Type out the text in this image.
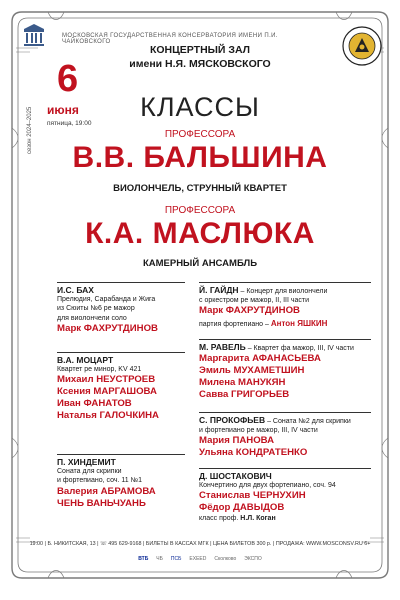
МОСКОВСКАЯ ГОСУДАРСТВЕННАЯ КОНСЕРВАТОРИЯ ИМЕНИ П.И. ЧАЙКОВСКОГО
КОНЦЕРТНЫЙ ЗАЛ
имени Н.Я. МЯСКОВСКОГО
сезон 2024–2025
6
июня
пятница, 19:00
КЛАССЫ
ПРОФЕССОРА
В.В. БАЛЬШИНА
ВИОЛОНЧЕЛЬ, СТРУННЫЙ КВАРТЕТ
ПРОФЕССОРА
К.А. МАСЛЮКА
КАМЕРНЫЙ АНСАМБЛЬ
И.С. БАХ
Прелюдия, Сарабанда и Жига
из Сюиты №6 ре мажор
для виолончели соло
Марк ФАХРУТДИНОВ
В.А. МОЦАРТ
Квартет ре минор, KV 421
Михаил НЕУСТРОЕВ
Ксения МАРГАШОВА
Иван ФАНАТОВ
Наталья ГАЛОЧКИНА
П. ХИНДЕМИТ
Соната для скрипки
и фортепиано, соч. 11 №1
Валерия АБРАМОВА
ЧЕНЬ ВАНЬЧУАНЬ
Й. ГАЙДН – Концерт для виолончели
с оркестром ре мажор, II, III части
Марк ФАХРУТДИНОВ
партия фортепиано – Антон ЯШКИН
М. РАВЕЛЬ – Квартет фа мажор, III, IV части
Маргарита АФАНАСЬЕВА
Эмиль МУХАМЕТШИН
Милена МАНУКЯН
Савва ГРИГОРЬЕВ
С. ПРОКОФЬЕВ – Соната №2 для скрипки
и фортепиано ре мажор, III, IV части
Мария ПАНОВА
Ульяна КОНДРАТЕНКО
Д. ШОСТАКОВИЧ
Кончертино для двух фортепиано, соч. 94
Станислав ЧЕРНУХИН
Фёдор ДАВЫДОВ
класс проф. Н.Л. Коган
19:00 | Б. НИКИТСКАЯ, 13 | ☏ 495 629-9168 | БИЛЕТЫ В КАССАХ МГК | ЦЕНА БИЛЕТОВ 300 р. | ПРОДАЖА: WWW.MOSCONSV.RU 6+
ВТБ ЧБ ПСБ EXEED Сколково ЭКСПО
